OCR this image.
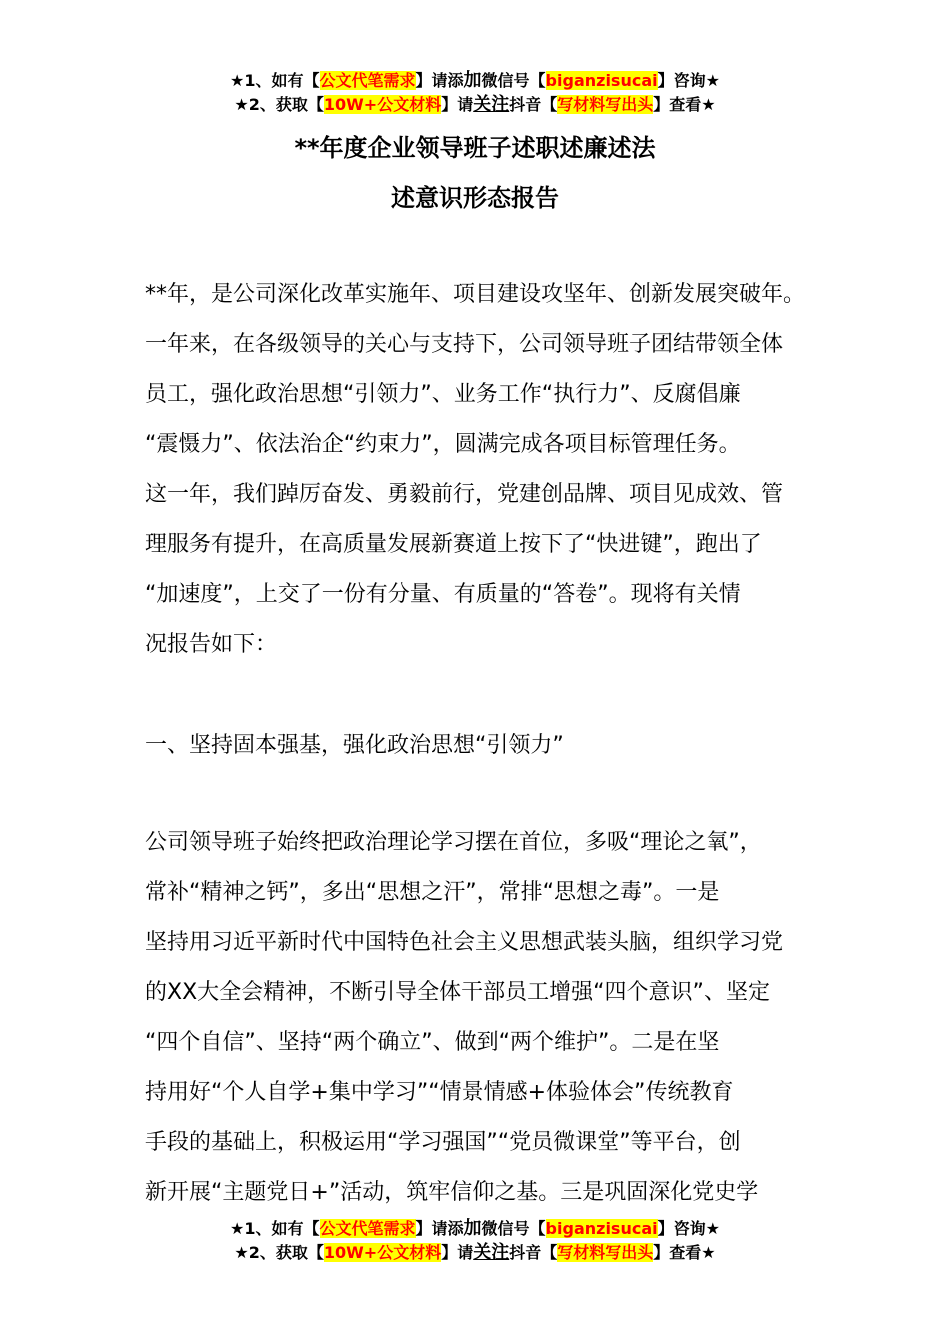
★1、如有【公文代笔需求】请添加微信号【biganzisucai】咨询★
★2、获取【10W+公文材料】请关注抖音【写材料写出头】查看★
**年度企业领导班子述职述廉述法
述意识形态报告
**年，是公司深化改革实施年、项目建设攻坚年、创新发展突破年。
一年来，在各级领导的关心与支持下，公司领导班子团结带领全体
员工，强化政治思想“引领力”、业务工作“执行力”、反腐倡廉
“震慑力”、依法治企“约束力”，圆满完成各项目标管理任务。
这一年，我们踔厉奋发、勇毅前行，党建创品牌、项目见成效、管
理服务有提升，在高质量发展新赛道上按下了“快进键”，跑出了
“加速度”，上交了一份有分量、有质量的“答卷”。现将有关情
况报告如下：
一、坚持固本强基，强化政治思想“引领力”
公司领导班子始终把政治理论学习摆在首位，多吸“理论之氧”，
常补“精神之钙”，多出“思想之汗”，常排“思想之毒”。一是
坚持用习近平新时代中国特色社会主义思想武装头脑，组织学习党
的XX大全会精神，不断引导全体干部员工增强“四个意识”、坚定
“四个自信”、坚持“两个确立”、做到“两个维护”。二是在坚
持用好“个人自学+集中学习”“情景情感+体验体会”传统教育
手段的基础上，积极运用“学习强国”“党员微课堂”等平台，创
新开展“主题党日+”活动，筑牢信仰之基。三是巩固深化党史学
★1、如有【公文代笔需求】请添加微信号【biganzisucai】咨询★
★2、获取【10W+公文材料】请关注抖音【写材料写出头】查看★
